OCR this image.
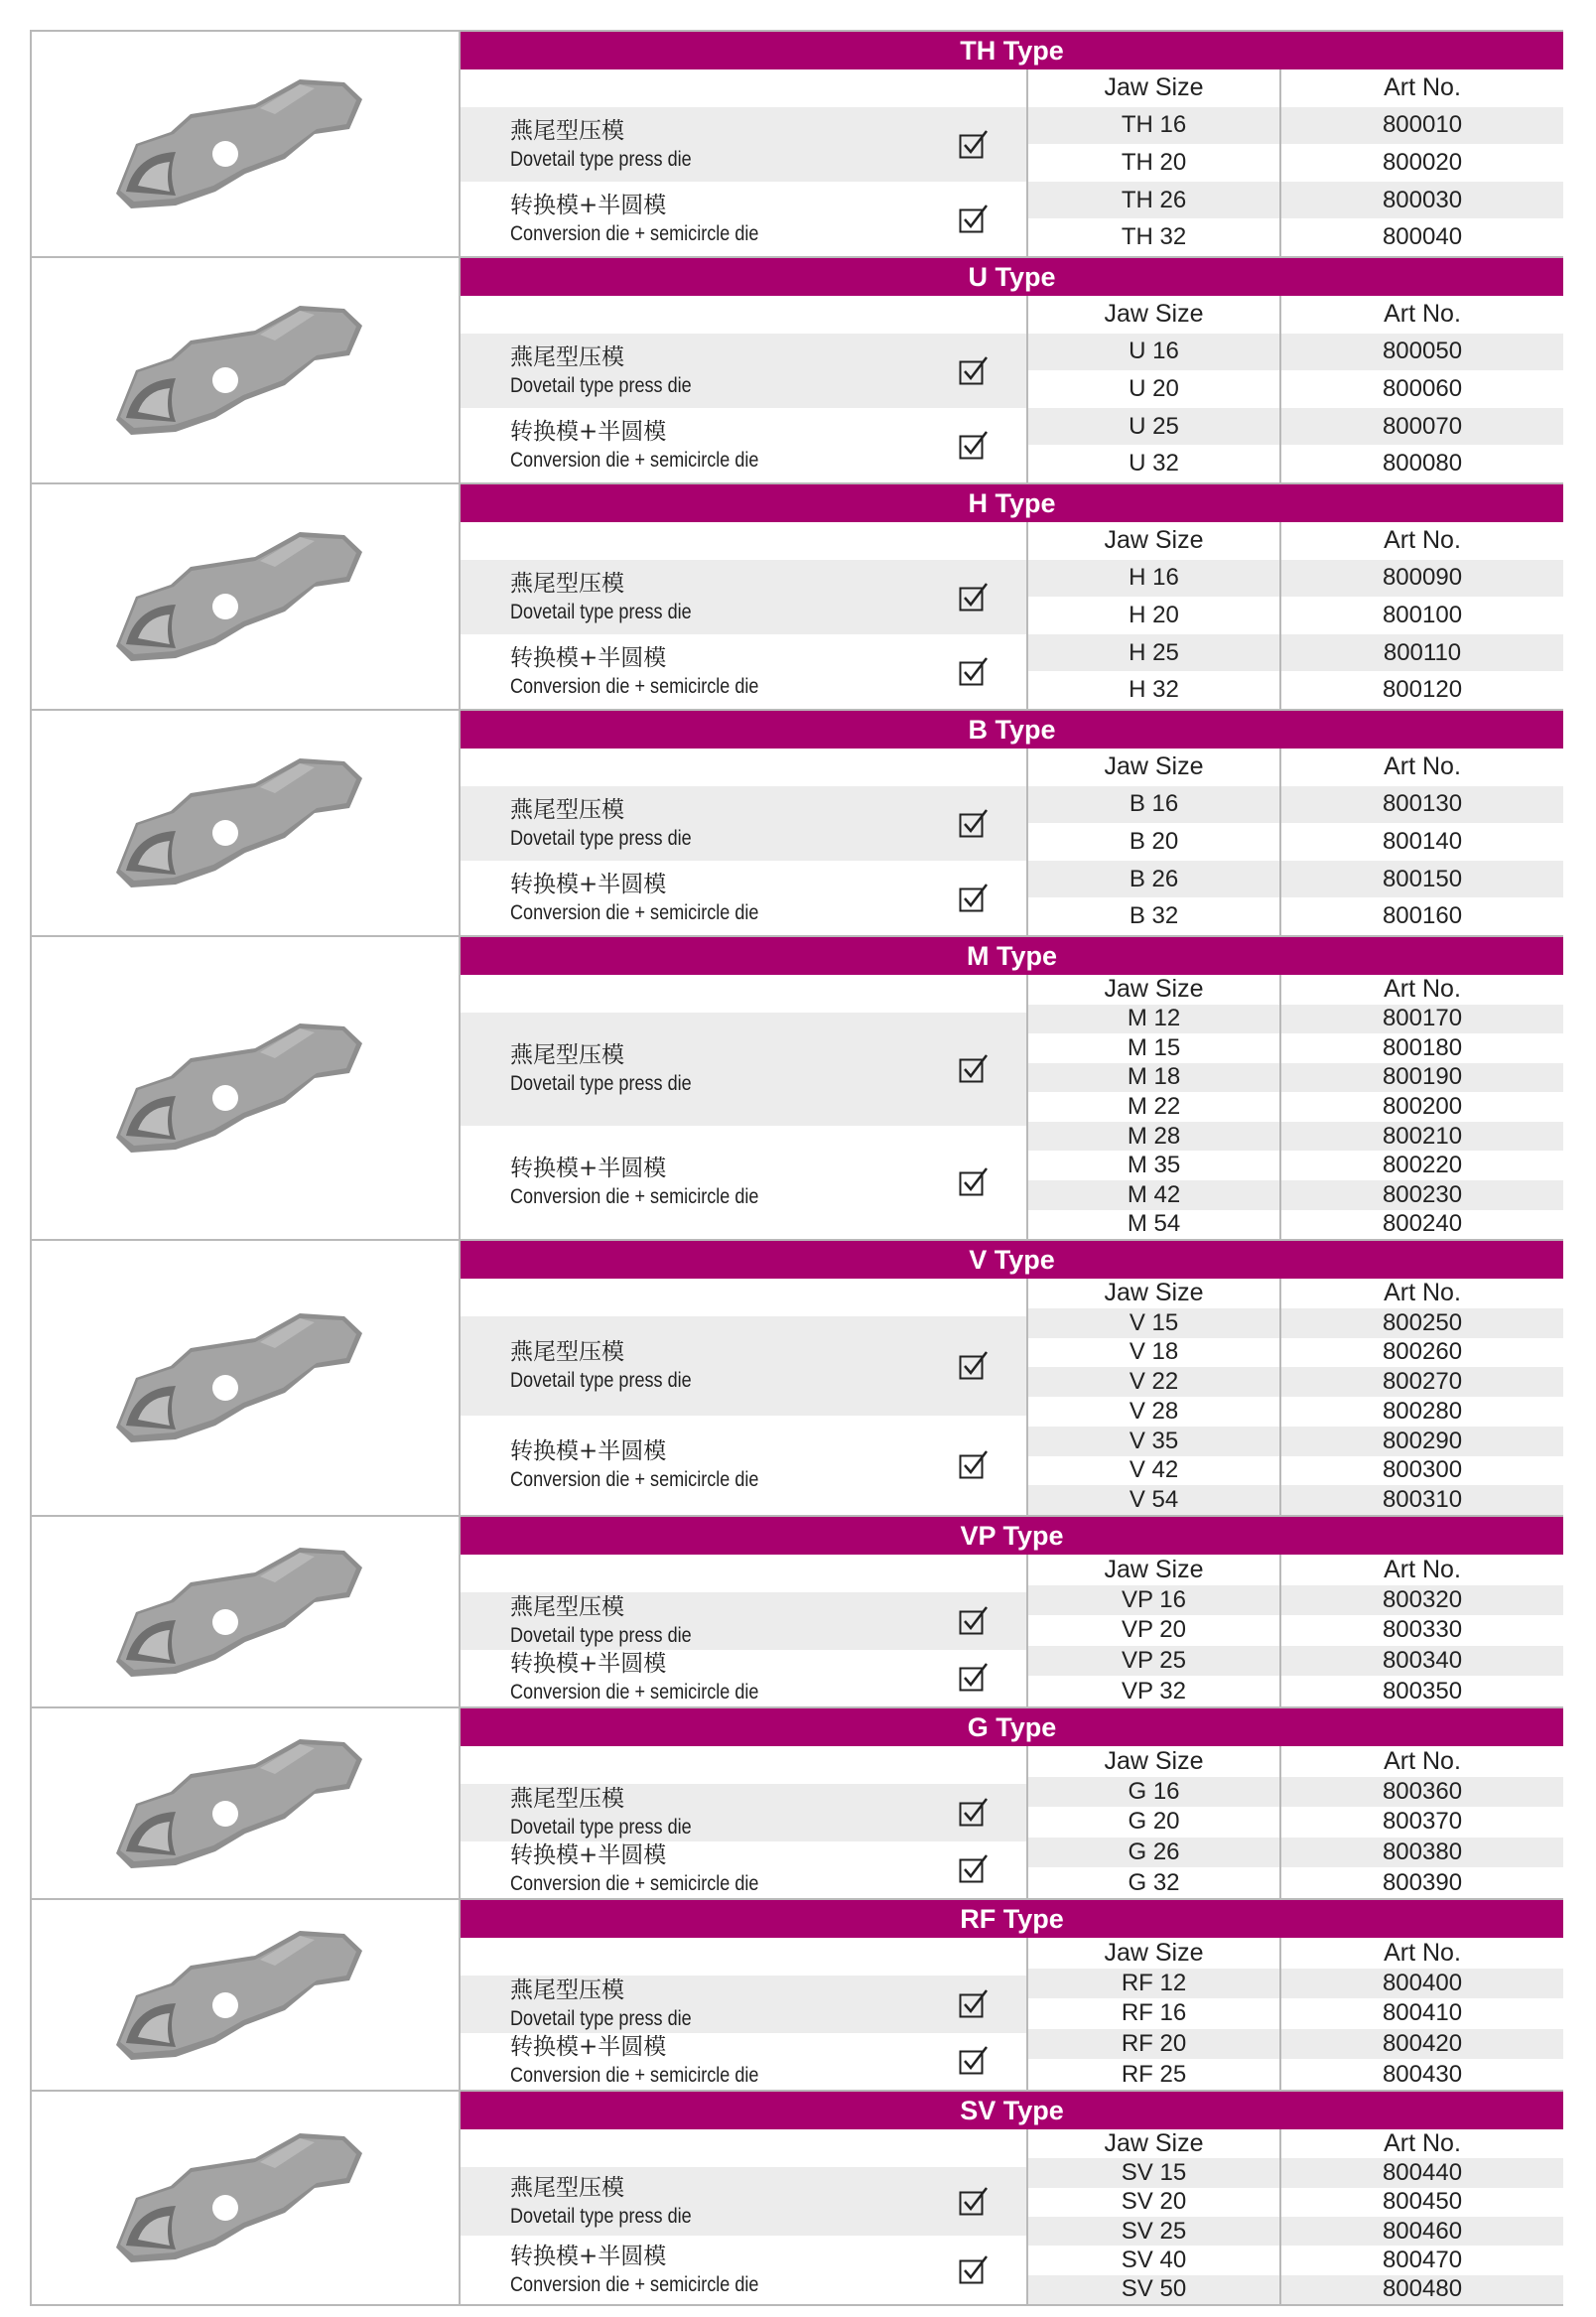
TH Type
燕尾型压模
Dovetail type press die
转换模+半圆模
Conversion die + semicircle die
Jaw Size	Art No.
TH 16	800010
TH 20	800020
TH 26	800030
TH 32	800040
U Type
燕尾型压模
Dovetail type press die
转换模+半圆模
Conversion die + semicircle die
Jaw Size	Art No.
U 16	800050
U 20	800060
U 25	800070
U 32	800080
H Type
燕尾型压模
Dovetail type press die
转换模+半圆模
Conversion die + semicircle die
Jaw Size	Art No.
H 16	800090
H 20	800100
H 25	800110
H 32	800120
B Type
燕尾型压模
Dovetail type press die
转换模+半圆模
Conversion die + semicircle die
Jaw Size	Art No.
B 16	800130
B 20	800140
B 26	800150
B 32	800160
M Type
燕尾型压模
Dovetail type press die
转换模+半圆模
Conversion die + semicircle die
Jaw Size	Art No.
M 12	800170
M 15	800180
M 18	800190
M 22	800200
M 28	800210
M 35	800220
M 42	800230
M 54	800240
V Type
燕尾型压模
Dovetail type press die
转换模+半圆模
Conversion die + semicircle die
Jaw Size	Art No.
V 15	800250
V 18	800260
V 22	800270
V 28	800280
V 35	800290
V 42	800300
V 54	800310
VP Type
燕尾型压模
Dovetail type press die
转换模+半圆模
Conversion die + semicircle die
Jaw Size	Art No.
VP 16	800320
VP 20	800330
VP 25	800340
VP 32	800350
G Type
燕尾型压模
Dovetail type press die
转换模+半圆模
Conversion die + semicircle die
Jaw Size	Art No.
G 16	800360
G 20	800370
G 26	800380
G 32	800390
RF Type
燕尾型压模
Dovetail type press die
转换模+半圆模
Conversion die + semicircle die
Jaw Size	Art No.
RF 12	800400
RF 16	800410
RF 20	800420
RF 25	800430
SV Type
燕尾型压模
Dovetail type press die
转换模+半圆模
Conversion die + semicircle die
Jaw Size	Art No.
SV 15	800440
SV 20	800450
SV 25	800460
SV 40	800470
SV 50	800480
